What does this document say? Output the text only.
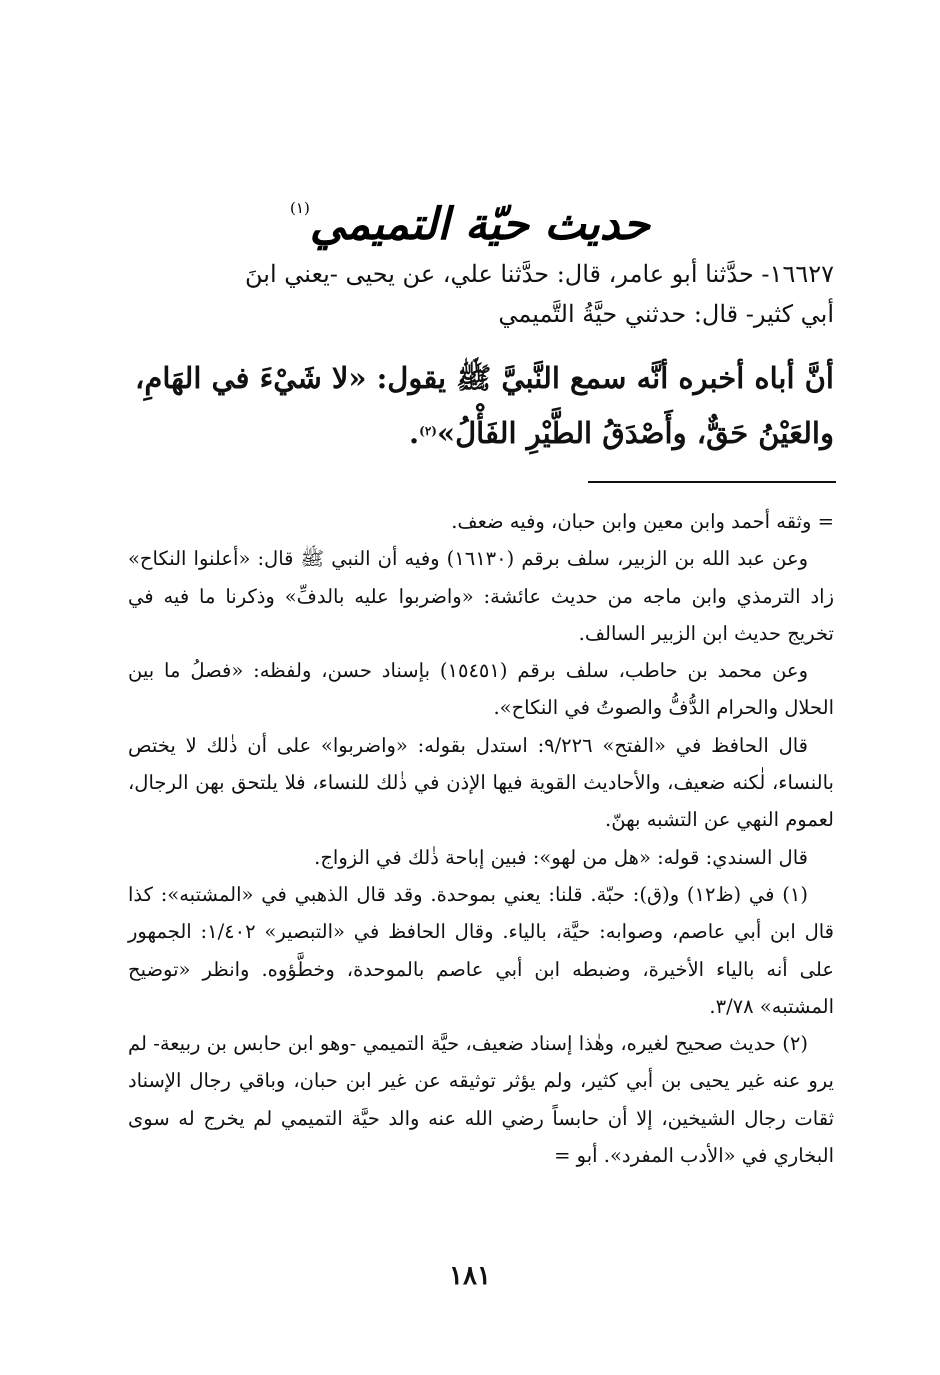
حديث حيّة التميمي$^{(١)}$

١٦٦٢٧- حدَّثنا أبو عامر، قال: حدَّثنا علي، عن يحيى -يعني ابنَ

أبي كثير- قال: حدثني حيَّةُ التَّميمي

أنَّ أباه أخبره أنَّه سمع النَّبيَّ ﷺ يقول: «لا شَيْءَ في الهَامِ،

والعَيْنُ حَقٌّ، وأَصْدَقُ الطَّيْرِ الفَأْلُ»$^{(٢)}$.

= وثقه أحمد وابن معين وابن حبان، وفيه ضعف.

وعن عبد الله بن الزبير، سلف برقم (١٦١٣٠) وفيه أن النبي ﷺ قال: «أعلنوا النكاح» زاد الترمذي وابن ماجه من حديث عائشة: «واضربوا عليه بالدفِّ» وذكرنا ما فيه في تخريج حديث ابن الزبير السالف.

وعن محمد بن حاطب، سلف برقم (١٥٤٥١) بإسناد حسن، ولفظه: «فصلُ ما بين الحلال والحرام الدُّفُّ والصوتُ في النكاح».

قال الحافظ في «الفتح» ٩/٢٢٦: استدل بقوله: «واضربوا» على أن ذٰلك لا يختص بالنساء، لٰكنه ضعيف، والأحاديث القوية فيها الإذن في ذٰلك للنساء، فلا يلتحق بهن الرجال، لعموم النهي عن التشبه بهنّ.

قال السندي: قوله: «هل من لهو»: فبين إباحة ذٰلك في الزواج.

(١) في (ظ١٢) و(ق): حبّة. قلنا: يعني بموحدة. وقد قال الذهبي في «المشتبه»: كذا قال ابن أبي عاصم، وصوابه: حيَّة، بالياء. وقال الحافظ في «التبصير» ١/٤٠٢: الجمهور على أنه بالياء الأخيرة، وضبطه ابن أبي عاصم بالموحدة، وخطَّؤوه. وانظر «توضيح المشتبه» ٣/٧٨.

(٢) حديث صحيح لغيره، وهٰذا إسناد ضعيف، حيَّة التميمي -وهو ابن حابس بن ربيعة- لم يرو عنه غير يحيى بن أبي كثير، ولم يؤثر توثيقه عن غير ابن حبان، وباقي رجال الإسناد ثقات رجال الشيخين، إلا أن حابساً رضي الله عنه والد حيَّة التميمي لم يخرج له سوى البخاري في «الأدب المفرد». أبو =

١٨١
